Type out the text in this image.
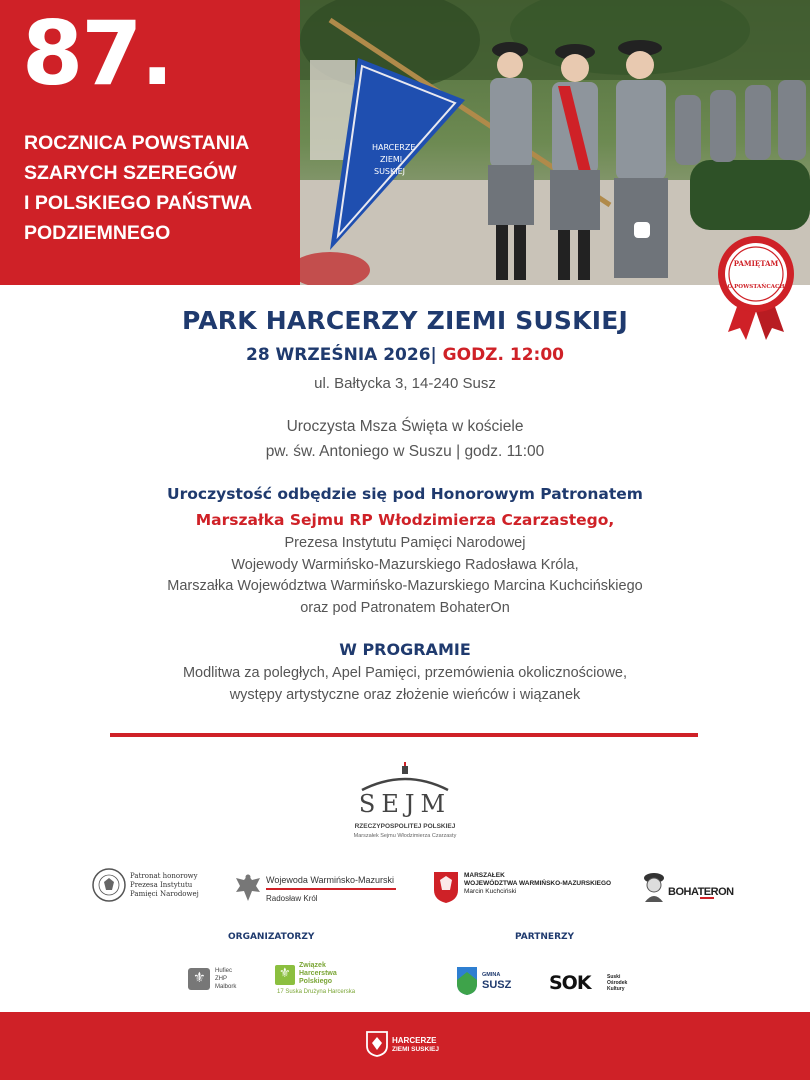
87.
ROCZNICA POWSTANIA
SZARYCH SZEREGÓW
I POLSKIEGO PAŃSTWA
PODZIEMNEGO
HARCERZE
ZIEMI
SUSKIEJ
PAMIĘTAM
O POWSTAŃCACH
PARK HARCERZY ZIEMI SUSKIEJ
28 WRZEŚNIA 2026| GODZ. 12:00
ul. Bałtycka 3, 14-240 Susz
Uroczysta Msza Święta w kościele
pw. św. Antoniego w Suszu | godz. 11:00
Uroczystość odbędzie się pod Honorowym Patronatem
Marszałka Sejmu RP Włodzimierza Czarzastego,
Prezesa Instytutu Pamięci Narodowej
Wojewody Warmińsko-Mazurskiego Radosława Króla,
Marszałka Województwa Warmińsko-Mazurskiego Marcina Kuchcińskiego
oraz pod Patronatem BohaterOn
W PROGRAMIE
Modlitwa za poległych, Apel Pamięci, przemówienia okolicznościowe,
występy artystyczne oraz złożenie wieńców i wiązanek
SEJM
RZECZYPOSPOLITEJ POLSKIEJ
Marszałek Sejmu Włodzimierza Czarzasty
Patronat honorowy
Prezesa Instytutu
Pamięci Narodowej
Wojewoda Warmińsko-Mazurski
Radosław Król
MARSZAŁEK
WOJEWÓDZTWA WARMIŃSKO-MAZURSKIEGO
Marcin Kuchciński	BOHATERON
ORGANIZATORZY	PARTNERZY
⚜ Hufiec
ZHP
Malbork
⚜
Związek
Harcerstwa
Polskiego
17 Suska Drużyna Harcerska
GMINA
SUSZ SOK	Suski
Ośrodek
Kultury
HARCERZE
ZIEMI SUSKIEJ
